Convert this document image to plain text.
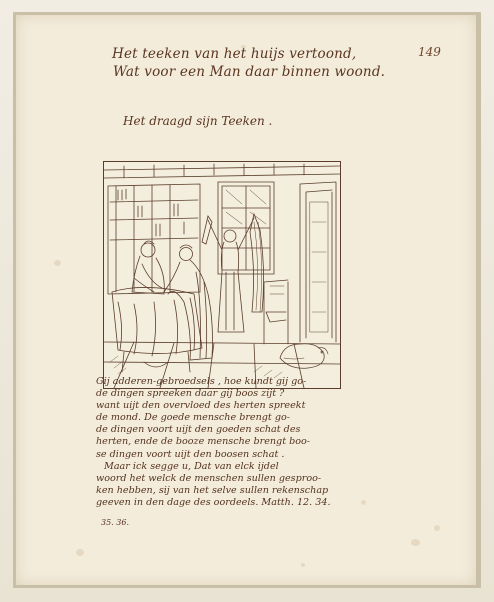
149
Het teeken van het huijs vertoond,
Wat voor een Man daar binnen woond.
Het draagd sijn Teeken .
Gij adderen-gebroedsels , hoe kundt gij go-
de dingen spreeken daar gij boos zijt ?
want uijt den overvloed des herten spreekt
de mond. De goede mensche brengt go-
de dingen voort uijt den goeden schat des
herten, ende de booze mensche brengt boo-
se dingen voort uijt den boosen schat .
Maar ick segge u, Dat van elck ijdel
woord het welck de menschen sullen gesproo-
ken hebben, sij van het selve sullen rekenschap
geeven in den dage des oordeels. Matth. 12. 34.
35. 36.
